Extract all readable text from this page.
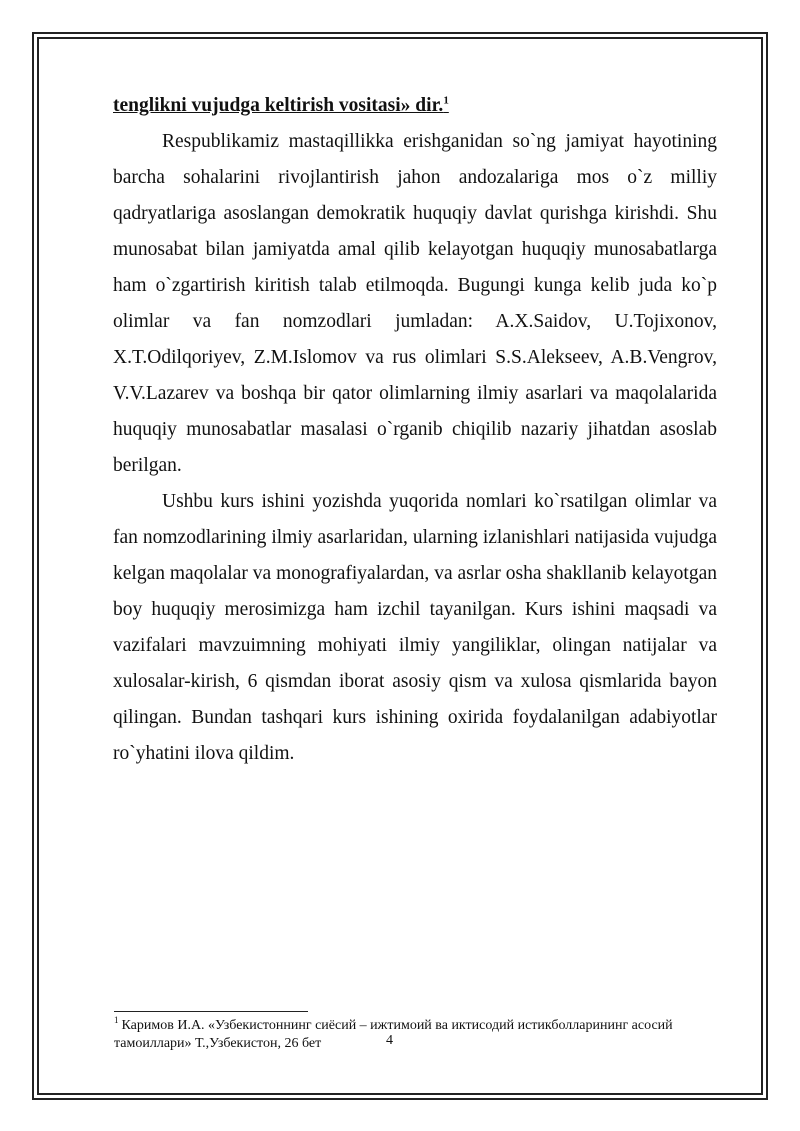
tenglikni vujudga keltirish vositasi» dir.$^1$

Respublikamiz mastaqillikka erishganidan so`ng jamiyat hayotining barcha sohalarini rivojlantirish jahon andozalariga mos o`z milliy qadryatlariga asoslangan demokratik huquqiy davlat qurishga kirishdi. Shu munosabat bilan jamiyatda amal qilib kelayotgan huquqiy munosabatlarga ham o`zgartirish kiritish talab etilmoqda. Bugungi kunga kelib juda ko`p olimlar va fan nomzodlari jumladan: A.X.Saidov, U.Tojixonov, X.T.Odilqoriyev, Z.M.Islomov va rus olimlari S.S.Alekseev, A.B.Vengrov, V.V.Lazarev va boshqa bir qator olimlarning ilmiy asarlari va maqolalarida huquqiy munosabatlar masalasi o`rganib chiqilib nazariy jihatdan asoslab berilgan.

Ushbu kurs ishini yozishda yuqorida nomlari ko`rsatilgan olimlar va fan nomzodlarining ilmiy asarlaridan, ularning izlanishlari natijasida vujudga kelgan maqolalar va monografiyalardan, va asrlar osha shakllanib kelayotgan boy huquqiy merosimizga ham izchil tayanilgan. Kurs ishini maqsadi va vazifalari mavzuimning mohiyati ilmiy yangiliklar, olingan natijalar va xulosalar-kirish, 6 qismdan iborat asosiy qism va xulosa qismlarida bayon qilingan. Bundan tashqari kurs ishining oxirida foydalanilgan adabiyotlar ro`yhatini ilova qildim.

$^1$ Каримов И.А. «Узбекистоннинг сиёсий – ижтимоий ва иктисодий истикболларининг асосий тамоиллари» Т.,Узбекистон, 26 бет	4
